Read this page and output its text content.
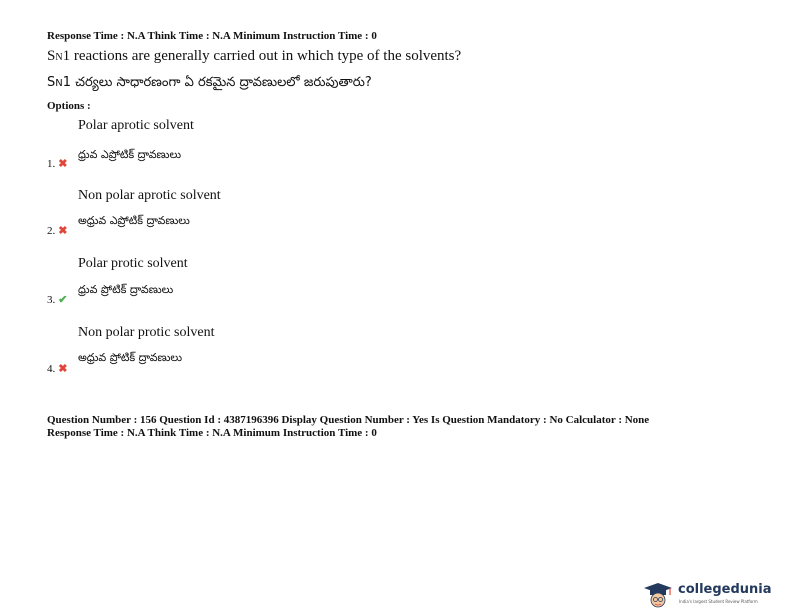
Response Time : N.A Think Time : N.A Minimum Instruction Time : 0
SN1 reactions are generally carried out in which type of the solvents?
SN1 చర్యలు సాధారణంగా ఏ రకమైన ద్రావణులలో జరుపుతారు?
Options :
Polar aprotic solvent
ధ్రువ ఎప్రోటిక్ ద్రావణులు
1. ✖
Non polar aprotic solvent
అధ్రువ ఎప్రోటిక్ ద్రావణులు
2. ✖
Polar protic solvent
ధ్రువ ప్రోటిక్ ద్రావణులు
3. ✔
Non polar protic solvent
అధ్రువ ప్రోటిక్ ద్రావణులు
4. ✖
Question Number : 156 Question Id : 4387196396 Display Question Number : Yes Is Question Mandatory : No Calculator : None
Response Time : N.A Think Time : N.A Minimum Instruction Time : 0
collegedunia
India's largest Student Review Platform
